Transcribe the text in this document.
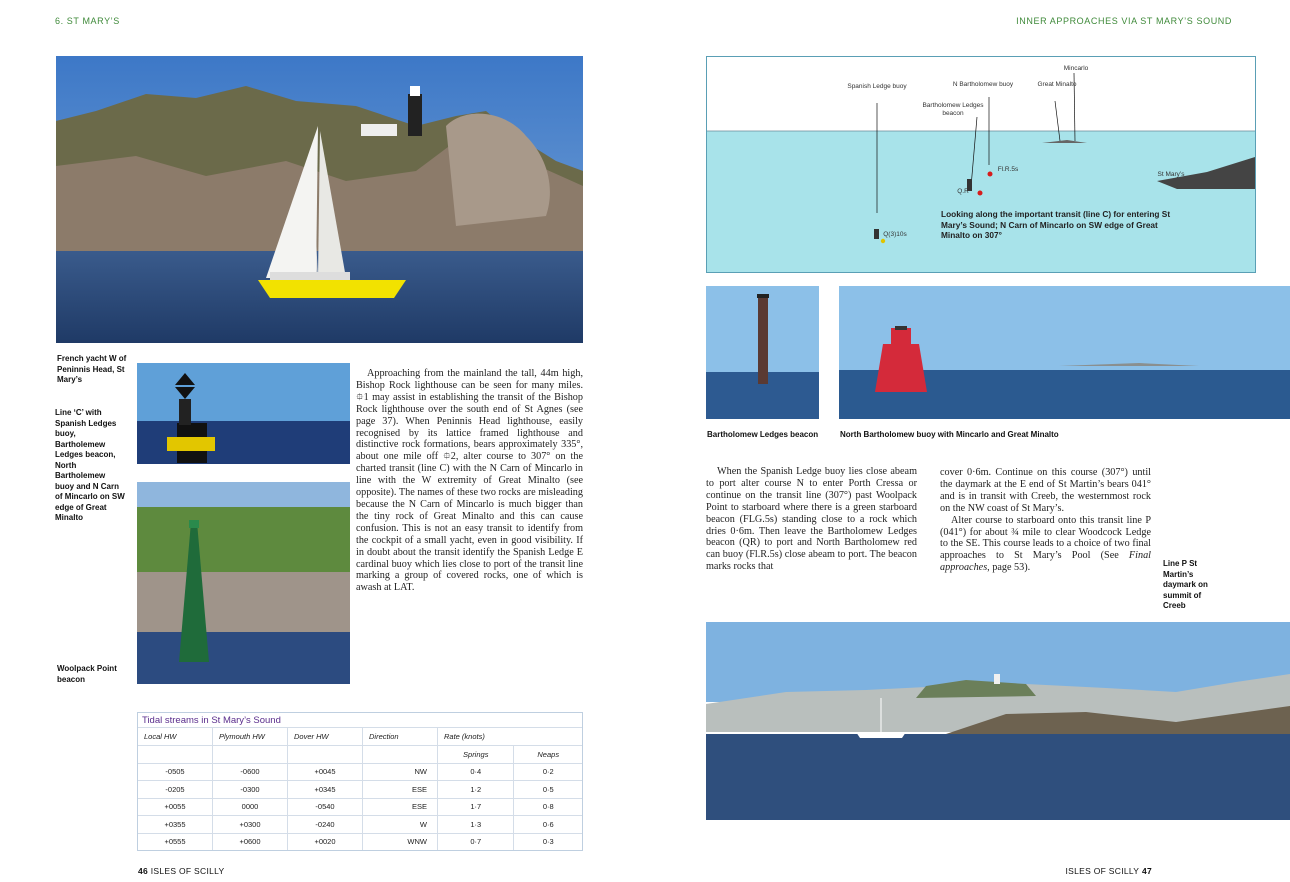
6. ST MARY’S	INNER APPROACHES VIA ST MARY’S SOUND
French yacht W of Peninnis Head, St Mary’s
Line ‘C’ with Spanish Ledges buoy, Bartholemew Ledges beacon, North Bartholemew buoy and N Carn of Mincarlo on SW edge of Great Minalto
Woolpack Point beacon

Approaching from the mainland the tall, 44m high, Bishop Rock lighthouse can be seen for many miles. ⯐1 may assist in establishing the transit of the Bishop Rock lighthouse over the south end of St Agnes (see page 37). When Peninnis Head lighthouse, easily recognised by its lattice framed lighthouse and distinctive rock formations, bears approximately 335°, about one mile off ⯐2, alter course to 307° on the charted transit (line C) with the N Carn of Mincarlo in line with the W extremity of Great Minalto (see opposite). The names of these two rocks are misleading because the N Carn of Mincarlo is much bigger than the tiny rock of Great Minalto and this can cause confusion. This is not an easy transit to identify from the cockpit of a small yacht, even in good visibility. If in doubt about the transit identify the Spanish Ledge E cardinal buoy which lies close to port of the transit line marking a group of covered rocks, one of which is awash at LAT.

Tidal streams in St Mary’s Sound
Local HW	Plymouth HW	Dover HW	Direction	Rate (knots)	
				Springs	Neaps
-0505	-0600	+0045	NW	0·4	0·2
-0205	-0300	+0345	ESE	1·2	0·5
+0055	0000	-0540	ESE	1·7	0·8
+0355	+0300	-0240	W	1·3	0·6
+0555	+0600	+0020	WNW	0·7	0·3
46 ISLES OF SCILLY
Mincarlo
Spanish Ledge buoy	N Bartholomew buoy	Great Minalto
Bartholomew Ledges beacon
Fl.R.5s
Q.R
St Mary’s
Q(3)10s
Looking along the important transit (line C) for entering St Mary’s Sound; N Carn of Mincarlo on SW edge of Great Minalto on 307°
Bartholomew Ledges beacon	North Bartholomew buoy with Mincarlo and Great Minalto

When the Spanish Ledge buoy lies close abeam to port alter course N to enter Porth Cressa or continue on the transit line (307°) past Woolpack Point to starboard where there is a green starboard beacon (FLG.5s) standing close to a rock which dries 0·6m. Then leave the Bartholomew Ledges beacon (QR) to port and North Bartholomew red can buoy (Fl.R.5s) close abeam to port. The beacon marks rocks that

cover 0·6m. Continue on this course (307°) until the daymark at the E end of St Martin’s bears 041° and is in transit with Creeb, the westernmost rock on the NW coast of St Mary’s.

Alter course to starboard onto this transit line P (041°) for about ¾ mile to clear Woodcock Ledge to the SE. This course leads to a choice of two final approaches to St Mary’s Pool (See Final approaches, page 53).	Line P St Martin’s daymark on summit of Creeb
ISLES OF SCILLY 47
